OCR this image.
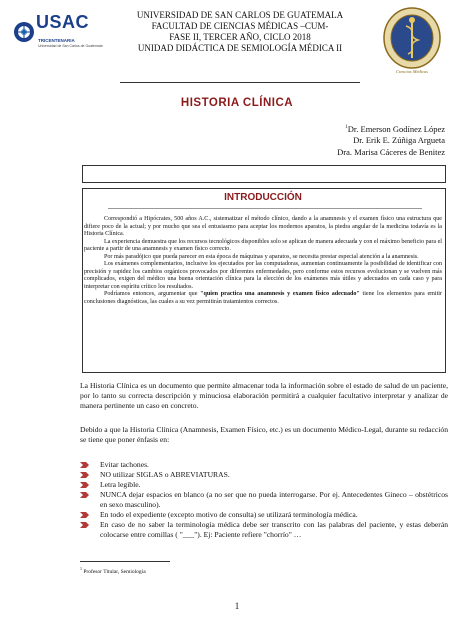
USAC
TRICENTENARIA
Universidad de San Carlos de Guatemala
UNIVERSIDAD DE SAN CARLOS DE GUATEMALA
FACULTAD DE CIENCIAS MÉDICAS –CUM-
FASE II, TERCER AÑO, CICLO 2018
UNIDAD DIDÁCTICA DE SEMIOLOGÍA MÉDICA II
Ciencias Médicas
HISTORIA CLÍNICA
$^1$Dr. Emerson Godínez López
Dr. Erik E. Zúñiga Argueta
Dra. Marisa Cáceres de Benitez
INTRODUCCIÓN

Correspondió a Hipócrates, 500 años A.C., sistematizar el método clínico, dando a la anamnesis y el examen físico una estructura que difiere poco de la actual; y por mucho que sea el entusiasmo para aceptar los modernos aparatos, la piedra angular de la medicina todavía es la Historia Clínica.

La experiencia demuestra que los recursos tecnológicos disponibles solo se aplican de manera adecuada y con el máximo beneficio para el paciente a partir de una anamnesis y examen físico correcto.

Por más paradójico que pueda parecer en esta época de máquinas y aparatos, se necesita prestar especial atención a la anamnesis.

Los exámenes complementarios, inclusive los ejecutados por las computadoras, aumentan continuamente la posibilidad de identificar con precisión y rapidez los cambios orgánicos provocados por diferentes enfermedades, pero conforme estos recursos evolucionan y se vuelven más complicados, exigen del médico una buena orientación clínica para la elección de los exámenes más útiles y adecuados en cada caso y para interpretar con espíritu crítico los resultados.

Podríamos entonces, argumentar que "quien practica una anamnesis y examen físico adecuado" tiene los elementos para emitir conclusiones diagnósticas, las cuales a su vez permitirán tratamientos correctos.

La Historia Clínica es un documento que permite almacenar toda la información sobre el estado de salud de un paciente, por lo tanto su correcta descripción y minuciosa elaboración permitirá a cualquier facultativo interpretar y analizar de manera pertinente un caso en concreto.
Debido a que la Historia Clínica (Anamnesis, Examen Físico, etc.) es un documento Médico-Legal, durante su redacción se tiene que poner énfasis en:
Evitar tachones.
NO utilizar SIGLAS o ABREVIATURAS.
Letra legible.
NUNCA dejar espacios en blanco (a no ser que no pueda interrogarse. Por ej. Antecedentes Gineco – obstétricos en sexo masculino).
En todo el expediente (excepto motivo de consulta) se utilizará terminología médica.
En caso de no saber la terminología médica debe ser transcrito con las palabras del paciente, y estas deberán colocarse entre comillas ( "___"). Ej: Paciente refiere "chorrío" …
$^1$ Profesor Titular, Semiología
1
